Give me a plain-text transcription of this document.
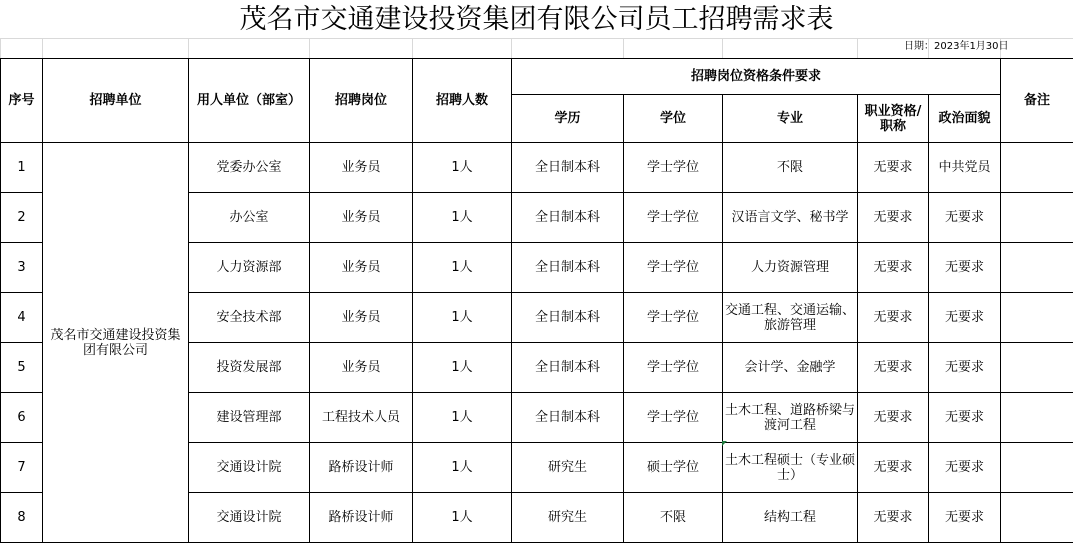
茂名市交通建设投资集团有限公司员工招聘需求表
日期：2023年1月30日
序号	招聘单位	用人单位（部室）	招聘岗位	招聘人数	招聘岗位资格条件要求					备注
					学历	学位	专业	职业资格/职称	政治面貌	
1	茂名市交通建设投资集团有限公司	党委办公室	业务员	1人	全日制本科	学士学位	不限	无要求	中共党员	
2		办公室	业务员	1人	全日制本科	学士学位	汉语言文学、秘书学	无要求	无要求	
3		人力资源部	业务员	1人	全日制本科	学士学位	人力资源管理	无要求	无要求	
4		安全技术部	业务员	1人	全日制本科	学士学位	交通工程、交通运输、旅游管理	无要求	无要求	
5		投资发展部	业务员	1人	全日制本科	学士学位	会计学、金融学	无要求	无要求	
6		建设管理部	工程技术人员	1人	全日制本科	学士学位	土木工程、道路桥梁与渡河工程	无要求	无要求	
7		交通设计院	路桥设计师	1人	研究生	硕士学位	土木工程硕士（专业硕士）	无要求	无要求	
8		交通设计院	路桥设计师	1人	研究生	不限	结构工程	无要求	无要求	
